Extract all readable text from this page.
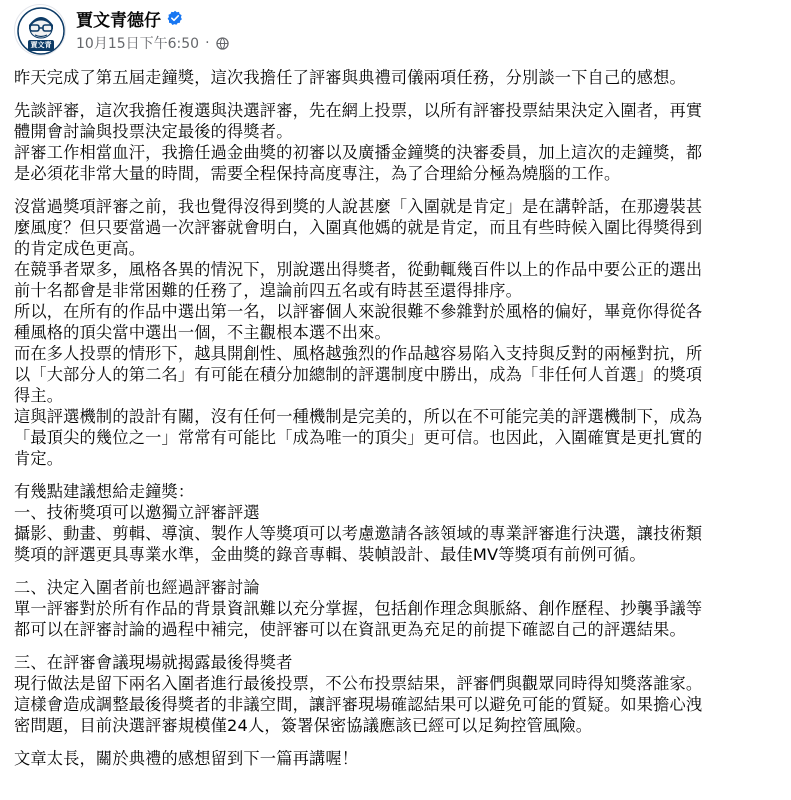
賈文青
賈文青德仔
10月15日下午6:50 ·
昨天完成了第五屆走鐘獎，這次我擔任了評審與典禮司儀兩項任務，分別談一下自己的感想。
先談評審，這次我擔任複選與決選評審，先在網上投票，以所有評審投票結果決定入圍者，再實
體開會討論與投票決定最後的得獎者。
評審工作相當血汗，我擔任過金曲獎的初審以及廣播金鐘獎的決審委員，加上這次的走鐘獎，都
是必須花非常大量的時間，需要全程保持高度專注，為了合理給分極為燒腦的工作。
沒當過獎項評審之前，我也覺得沒得到獎的人說甚麼「入圍就是肯定」是在講幹話，在那邊裝甚
麼風度？但只要當過一次評審就會明白，入圍真他媽的就是肯定，而且有些時候入圍比得獎得到
的肯定成色更高。
在競爭者眾多，風格各異的情況下，別說選出得獎者，從動輒幾百件以上的作品中要公正的選出
前十名都會是非常困難的任務了，遑論前四五名或有時甚至還得排序。
所以，在所有的作品中選出第一名，以評審個人來說很難不參雜對於風格的偏好，畢竟你得從各
種風格的頂尖當中選出一個，不主觀根本選不出來。
而在多人投票的情形下，越具開創性、風格越強烈的作品越容易陷入支持與反對的兩極對抗，所
以「大部分人的第二名」有可能在積分加總制的評選制度中勝出，成為「非任何人首選」的獎項
得主。
這與評選機制的設計有關，沒有任何一種機制是完美的，所以在不可能完美的評選機制下，成為
「最頂尖的幾位之一」常常有可能比「成為唯一的頂尖」更可信。也因此，入圍確實是更扎實的
肯定。
有幾點建議想給走鐘獎：
一、技術獎項可以邀獨立評審評選
攝影、動畫、剪輯、導演、製作人等獎項可以考慮邀請各該領域的專業評審進行決選，讓技術類
獎項的評選更具專業水準，金曲獎的錄音專輯、裝幀設計、最佳MV等獎項有前例可循。
二、決定入圍者前也經過評審討論
單一評審對於所有作品的背景資訊難以充分掌握，包括創作理念與脈絡、創作歷程、抄襲爭議等
都可以在評審討論的過程中補完，使評審可以在資訊更為充足的前提下確認自己的評選結果。
三、在評審會議現場就揭露最後得獎者
現行做法是留下兩名入圍者進行最後投票，不公布投票結果，評審們與觀眾同時得知獎落誰家。
這樣會造成調整最後得獎者的非議空間，讓評審現場確認結果可以避免可能的質疑。如果擔心洩
密問題，目前決選評審規模僅24人，簽署保密協議應該已經可以足夠控管風險。
文章太長，關於典禮的感想留到下一篇再講喔！
